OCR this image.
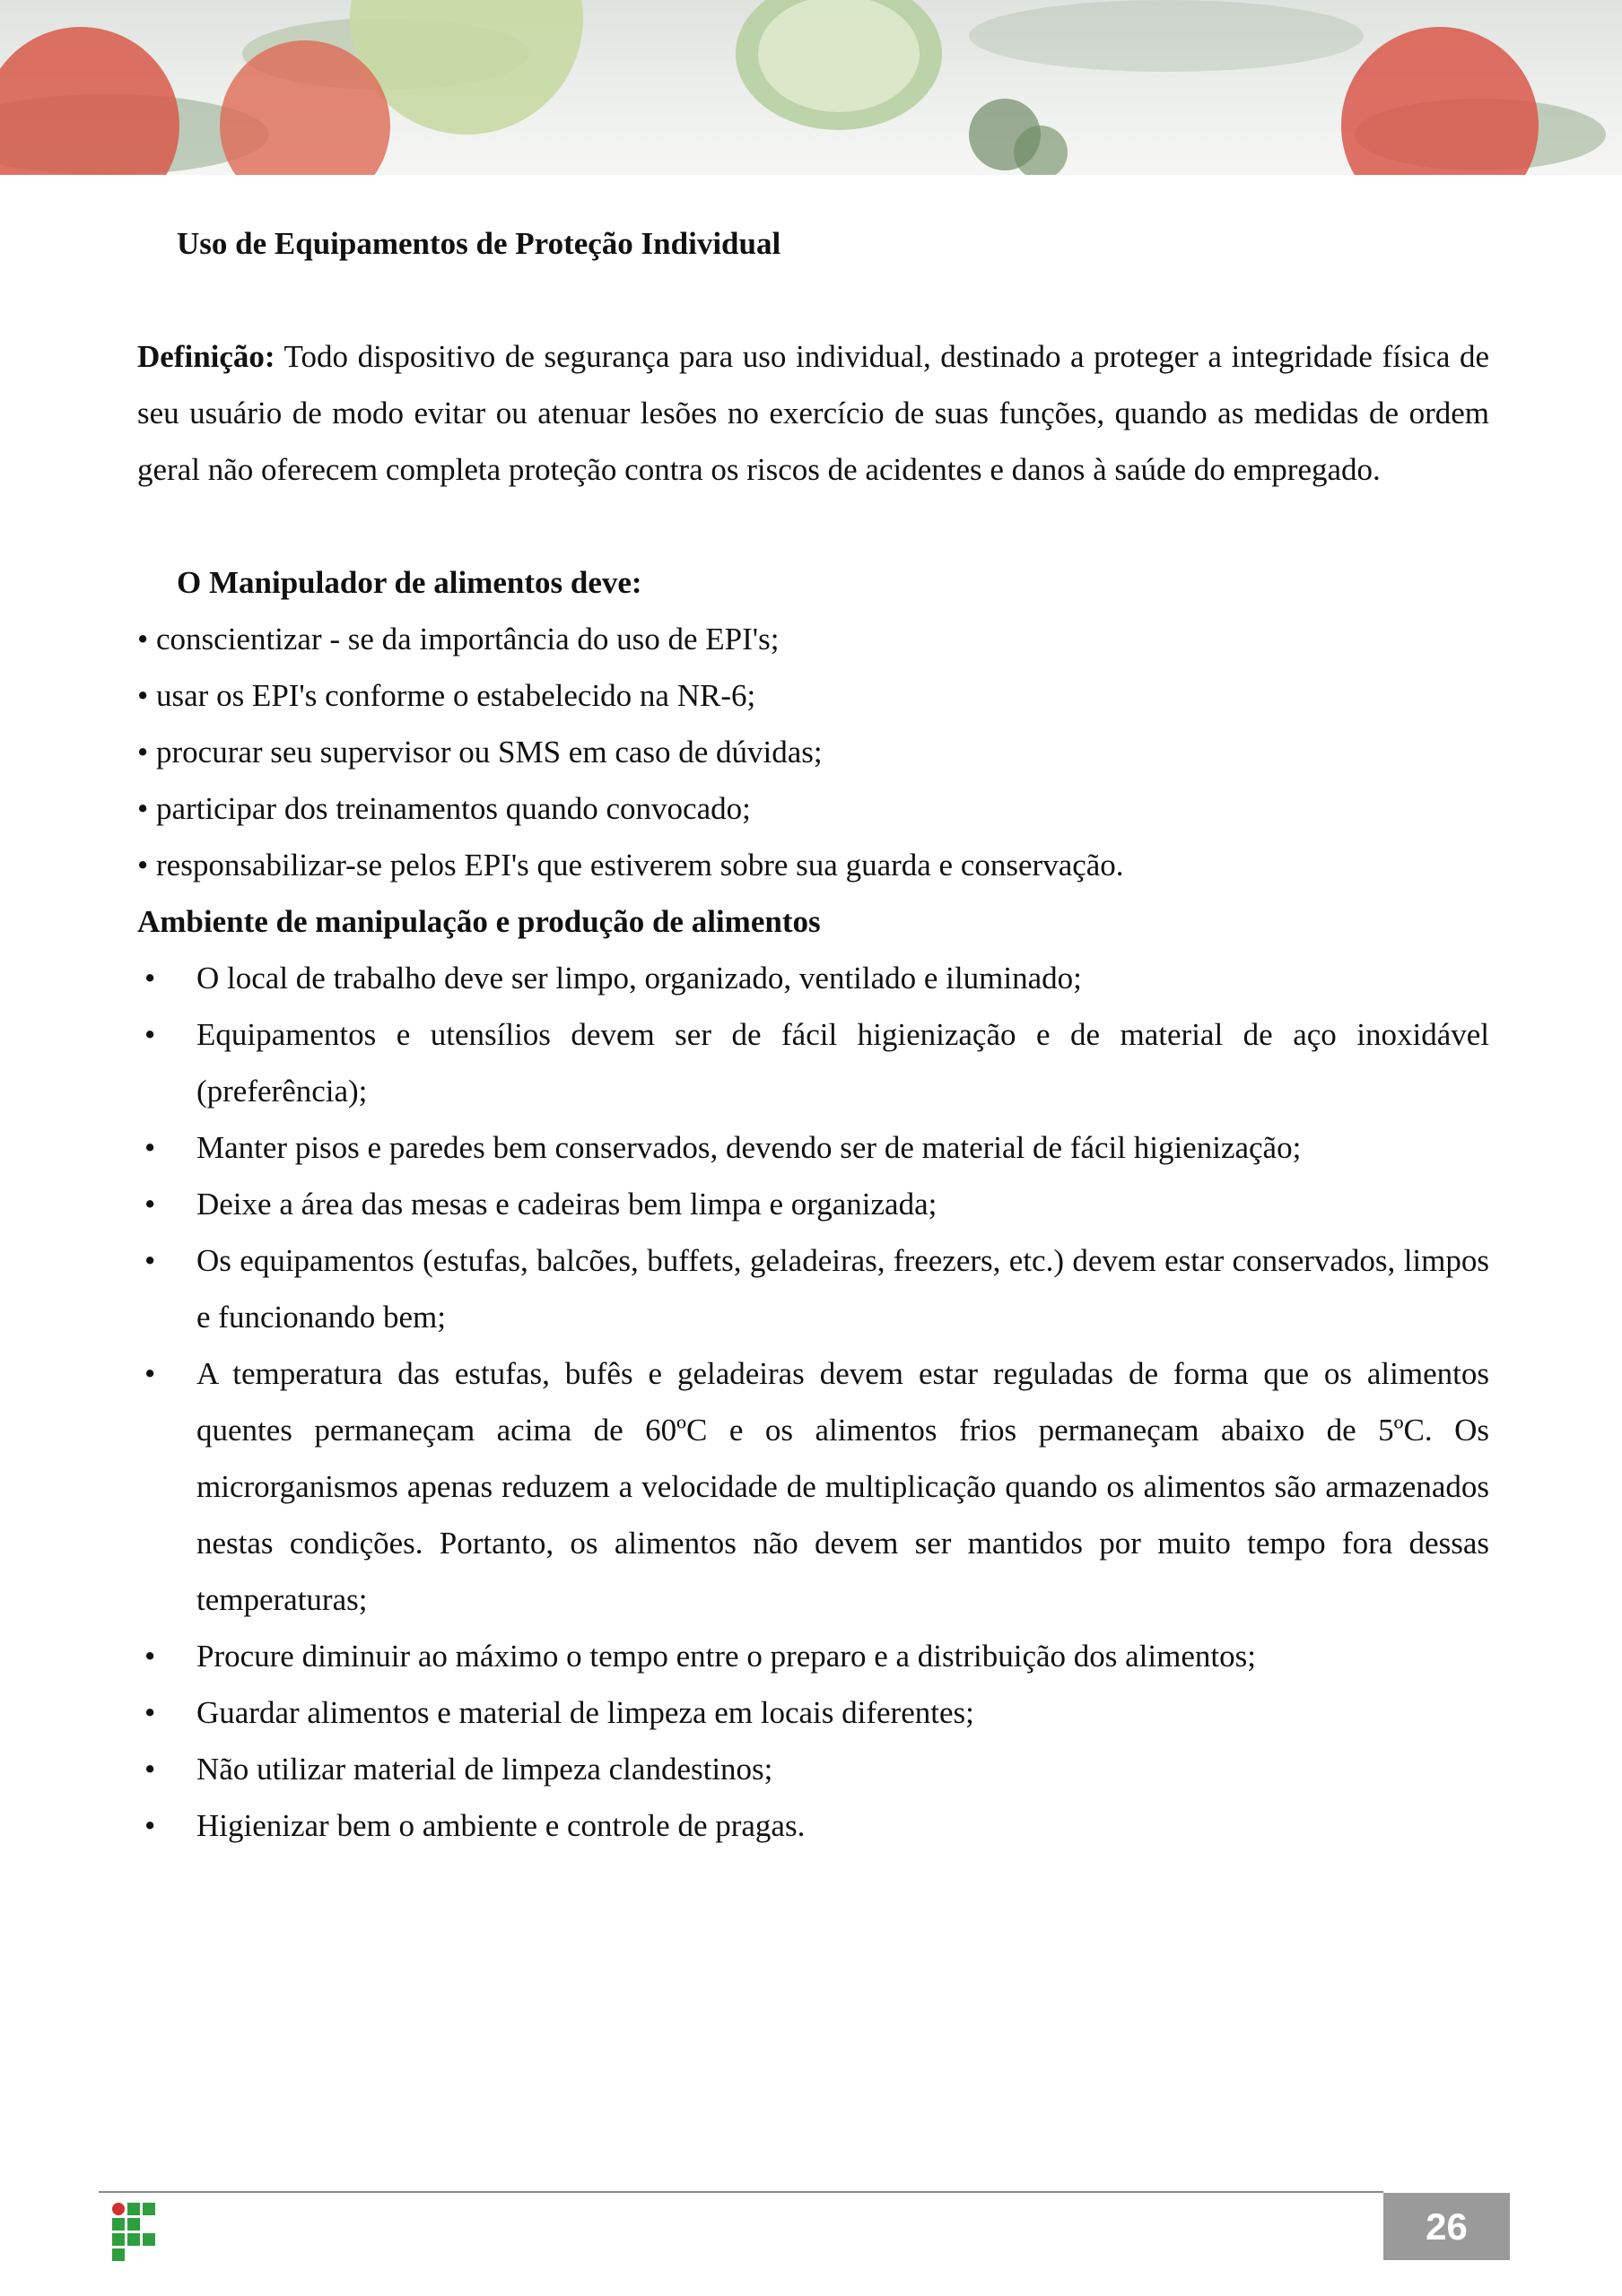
Uso de Equipamentos de Proteção Individual

Definição: Todo dispositivo de segurança para uso individual, destinado a proteger a integridade física de seu usuário de modo evitar ou atenuar lesões no exercício de suas funções, quando as medidas de ordem geral não oferecem completa proteção contra os riscos de acidentes e danos à saúde do empregado.

O Manipulador de alimentos deve:

• conscientizar - se da importância do uso de EPI's;
• usar os EPI's conforme o estabelecido na NR-6;
• procurar seu supervisor ou SMS em caso de dúvidas;
• participar dos treinamentos quando convocado;
• responsabilizar-se pelos EPI's que estiverem sobre sua guarda e conservação.

Ambiente de manipulação e produção de alimentos

• O local de trabalho deve ser limpo, organizado, ventilado e iluminado;
• Equipamentos e utensílios devem ser de fácil higienização e de material de aço inoxidável (preferência);
• Manter pisos e paredes bem conservados, devendo ser de material de fácil higienização;
• Deixe a área das mesas e cadeiras bem limpa e organizada;
• Os equipamentos (estufas, balcões, buffets, geladeiras, freezers, etc.) devem estar conservados, limpos e funcionando bem;
• A temperatura das estufas, bufês e geladeiras devem estar reguladas de forma que os alimentos quentes permaneçam acima de 60ºC e os alimentos frios permaneçam abaixo de 5ºC. Os microrganismos apenas reduzem a velocidade de multiplicação quando os alimentos são armazenados nestas condições. Portanto, os alimentos não devem ser mantidos por muito tempo fora dessas temperaturas;
• Procure diminuir ao máximo o tempo entre o preparo e a distribuição dos alimentos;
• Guardar alimentos e material de limpeza em locais diferentes;
• Não utilizar material de limpeza clandestinos;
• Higienizar bem o ambiente e controle de pragas.
26
